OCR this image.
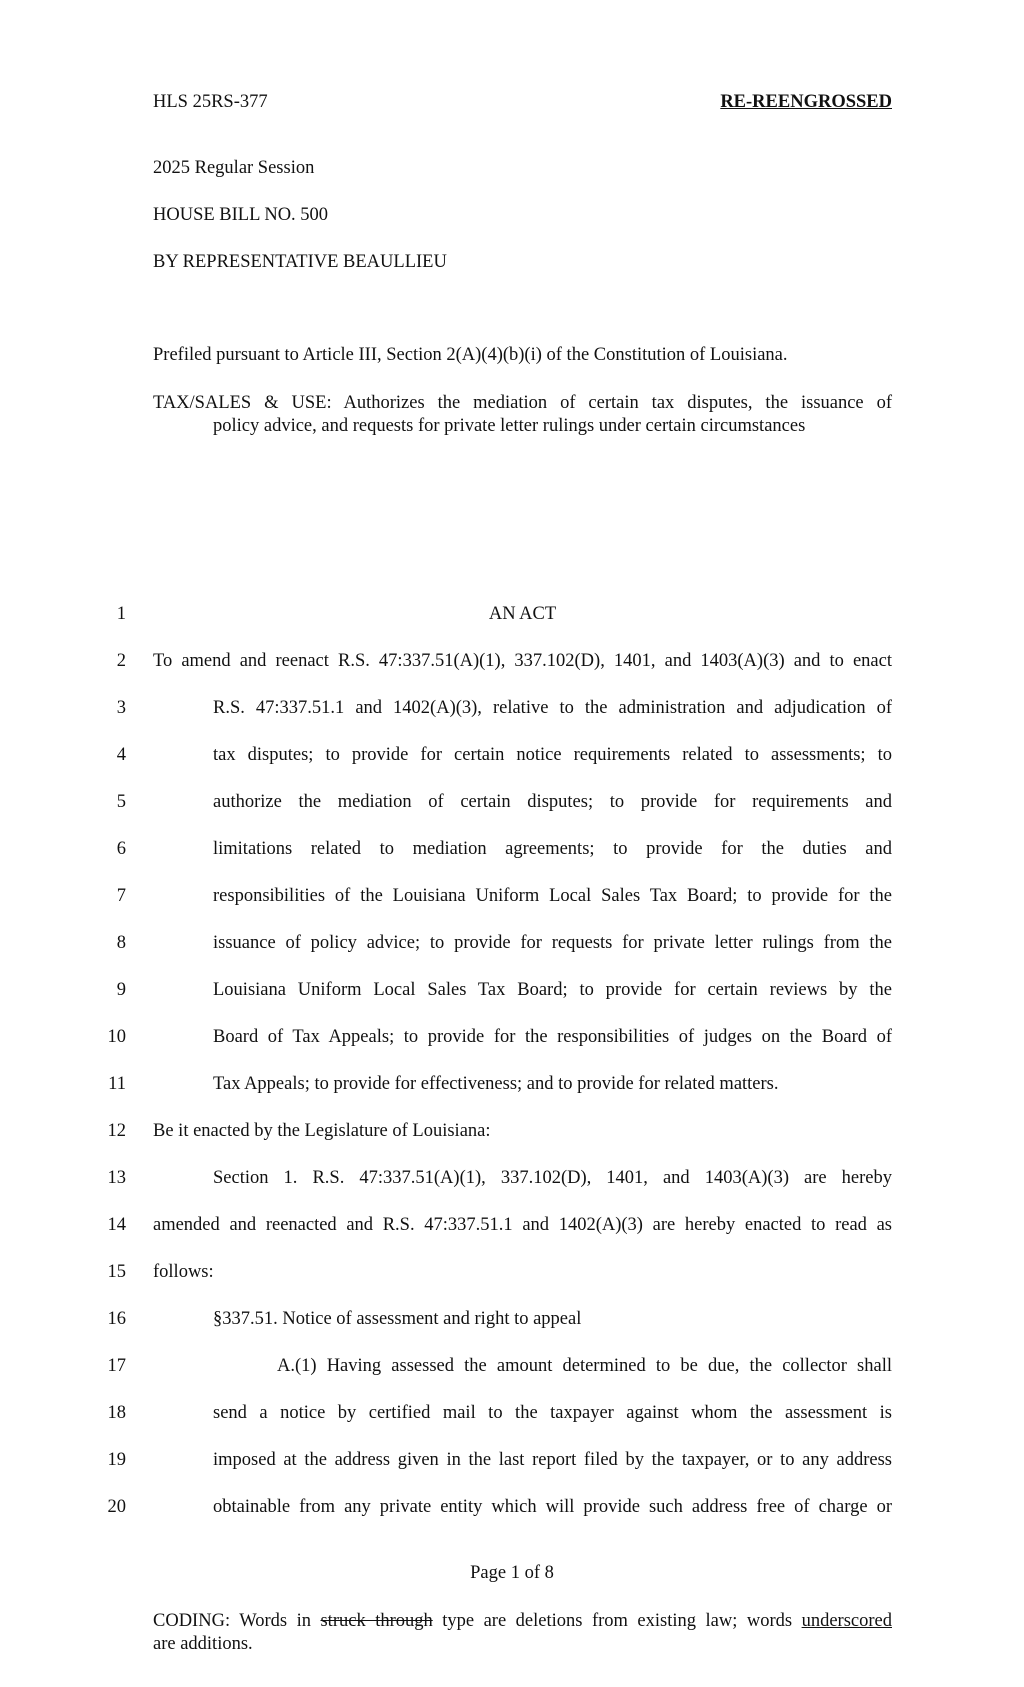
HLS 25RS-377	RE-REENGROSSED
2025 Regular Session
HOUSE BILL NO. 500
BY REPRESENTATIVE BEAULLIEU
Prefiled pursuant to Article III, Section 2(A)(4)(b)(i) of the Constitution of Louisiana.
TAX/SALES & USE: Authorizes the mediation of certain tax disputes, the issuance of
policy advice, and requests for private letter rulings under certain circumstances
1	AN ACT
2 To amend and reenact R.S. 47:337.51(A)(1), 337.102(D), 1401, and 1403(A)(3) and to enact
3	R.S. 47:337.51.1 and 1402(A)(3), relative to the administration and adjudication of
4	tax disputes; to provide for certain notice requirements related to assessments; to
5	authorize the mediation of certain disputes; to provide for requirements and
6	limitations related to mediation agreements; to provide for the duties and
7	responsibilities of the Louisiana Uniform Local Sales Tax Board; to provide for the
8	issuance of policy advice; to provide for requests for private letter rulings from the
9	Louisiana Uniform Local Sales Tax Board; to provide for certain reviews by the
10	Board of Tax Appeals; to provide for the responsibilities of judges on the Board of
11	Tax Appeals; to provide for effectiveness; and to provide for related matters.
12 Be it enacted by the Legislature of Louisiana:
13	Section 1. R.S. 47:337.51(A)(1), 337.102(D), 1401, and 1403(A)(3) are hereby
14 amended and reenacted and R.S. 47:337.51.1 and 1402(A)(3) are hereby enacted to read as
15 follows:
16	§337.51. Notice of assessment and right to appeal
17	A.(1) Having assessed the amount determined to be due, the collector shall
18	send a notice by certified mail to the taxpayer against whom the assessment is
19	imposed at the address given in the last report filed by the taxpayer, or to any address
20	obtainable from any private entity which will provide such address free of charge or
Page 1 of 8
CODING: Words in struck through type are deletions from existing law; words underscored
are additions.
